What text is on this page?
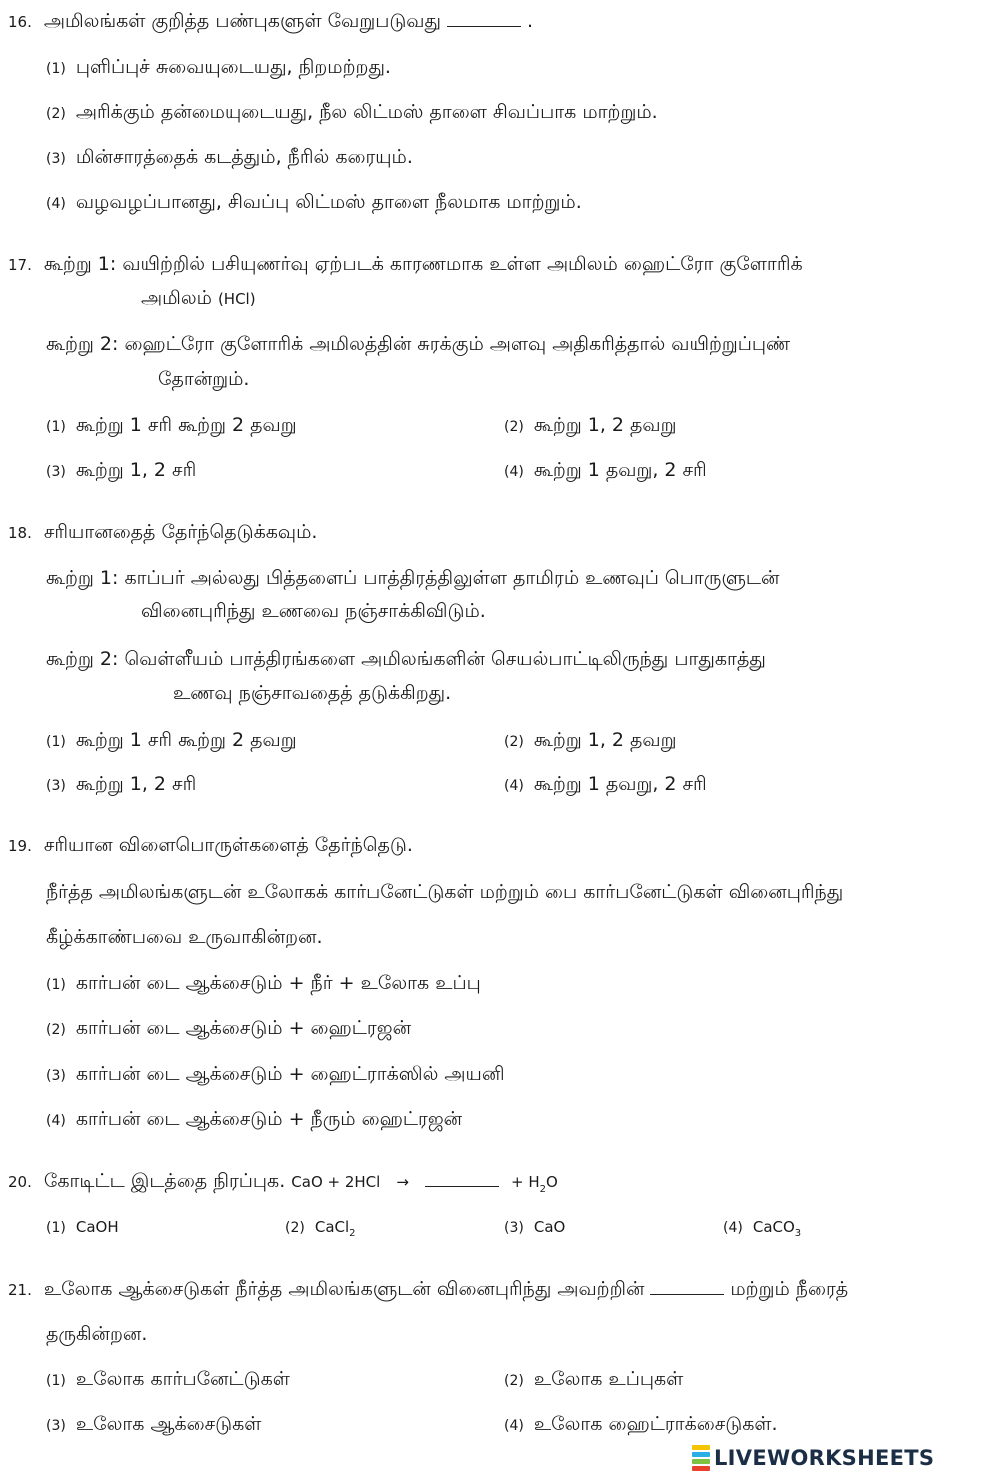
16. அமிலங்கள் குறித்த பண்புகளுள் வேறுபடுவது	.
(1) புளிப்புச் சுவையுடையது, நிறமற்றது.
(2) அரிக்கும் தன்மையுடையது, நீல லிட்மஸ் தாளை சிவப்பாக மாற்றும்.
(3) மின்சாரத்தைக் கடத்தும், நீரில் கரையும்.
(4) வழவழப்பானது, சிவப்பு லிட்மஸ் தாளை நீலமாக மாற்றும்.
17. கூற்று 1: வயிற்றில் பசியுணர்வு ஏற்படக் காரணமாக உள்ள அமிலம் ஹைட்ரோ குளோரிக்
அமிலம் (HCl)
கூற்று 2: ஹைட்ரோ குளோரிக் அமிலத்தின் சுரக்கும் அளவு அதிகரித்தால் வயிற்றுப்புண்
தோன்றும்.
(1) கூற்று 1 சரி கூற்று 2 தவறு	(2) கூற்று 1, 2 தவறு
(3) கூற்று 1, 2 சரி	(4) கூற்று 1 தவறு, 2 சரி
18. சரியானதைத் தேர்ந்தெடுக்கவும்.
கூற்று 1: காப்பர் அல்லது பித்தளைப் பாத்திரத்திலுள்ள தாமிரம் உணவுப் பொருளுடன்
வினைபுரிந்து உணவை நஞ்சாக்கிவிடும்.
கூற்று 2: வெள்ளீயம் பாத்திரங்களை அமிலங்களின் செயல்பாட்டிலிருந்து பாதுகாத்து
உணவு நஞ்சாவதைத் தடுக்கிறது.
(1) கூற்று 1 சரி கூற்று 2 தவறு	(2) கூற்று 1, 2 தவறு
(3) கூற்று 1, 2 சரி	(4) கூற்று 1 தவறு, 2 சரி
19. சரியான விளைபொருள்களைத் தேர்ந்தெடு.
நீர்த்த அமிலங்களுடன் உலோகக் கார்பனேட்டுகள் மற்றும் பை கார்பனேட்டுகள் வினைபுரிந்து
கீழ்க்காண்பவை உருவாகின்றன.
(1) கார்பன் டை ஆக்சைடும் + நீர் + உலோக உப்பு
(2) கார்பன் டை ஆக்சைடும் + ஹைட்ரஜன்
(3) கார்பன் டை ஆக்சைடும் + ஹைட்ராக்ஸில் அயனி
(4) கார்பன் டை ஆக்சைடும் + நீரும் ஹைட்ரஜன்
20. கோடிட்ட இடத்தை நிரப்புக. CaO + 2HCl →	+ $H_2O$
(1) CaOH	(2) CaCl$_2$	(3) CaO	(4) CaCO$_3$
21. உலோக ஆக்சைடுகள் நீர்த்த அமிலங்களுடன் வினைபுரிந்து அவற்றின்	மற்றும் நீரைத்
தருகின்றன.
(1) உலோக கார்பனேட்டுகள்	(2) உலோக உப்புகள்
(3) உலோக ஆக்சைடுகள்	(4) உலோக ஹைட்ராக்சைடுகள்.
LIVEWORKSHEETS
